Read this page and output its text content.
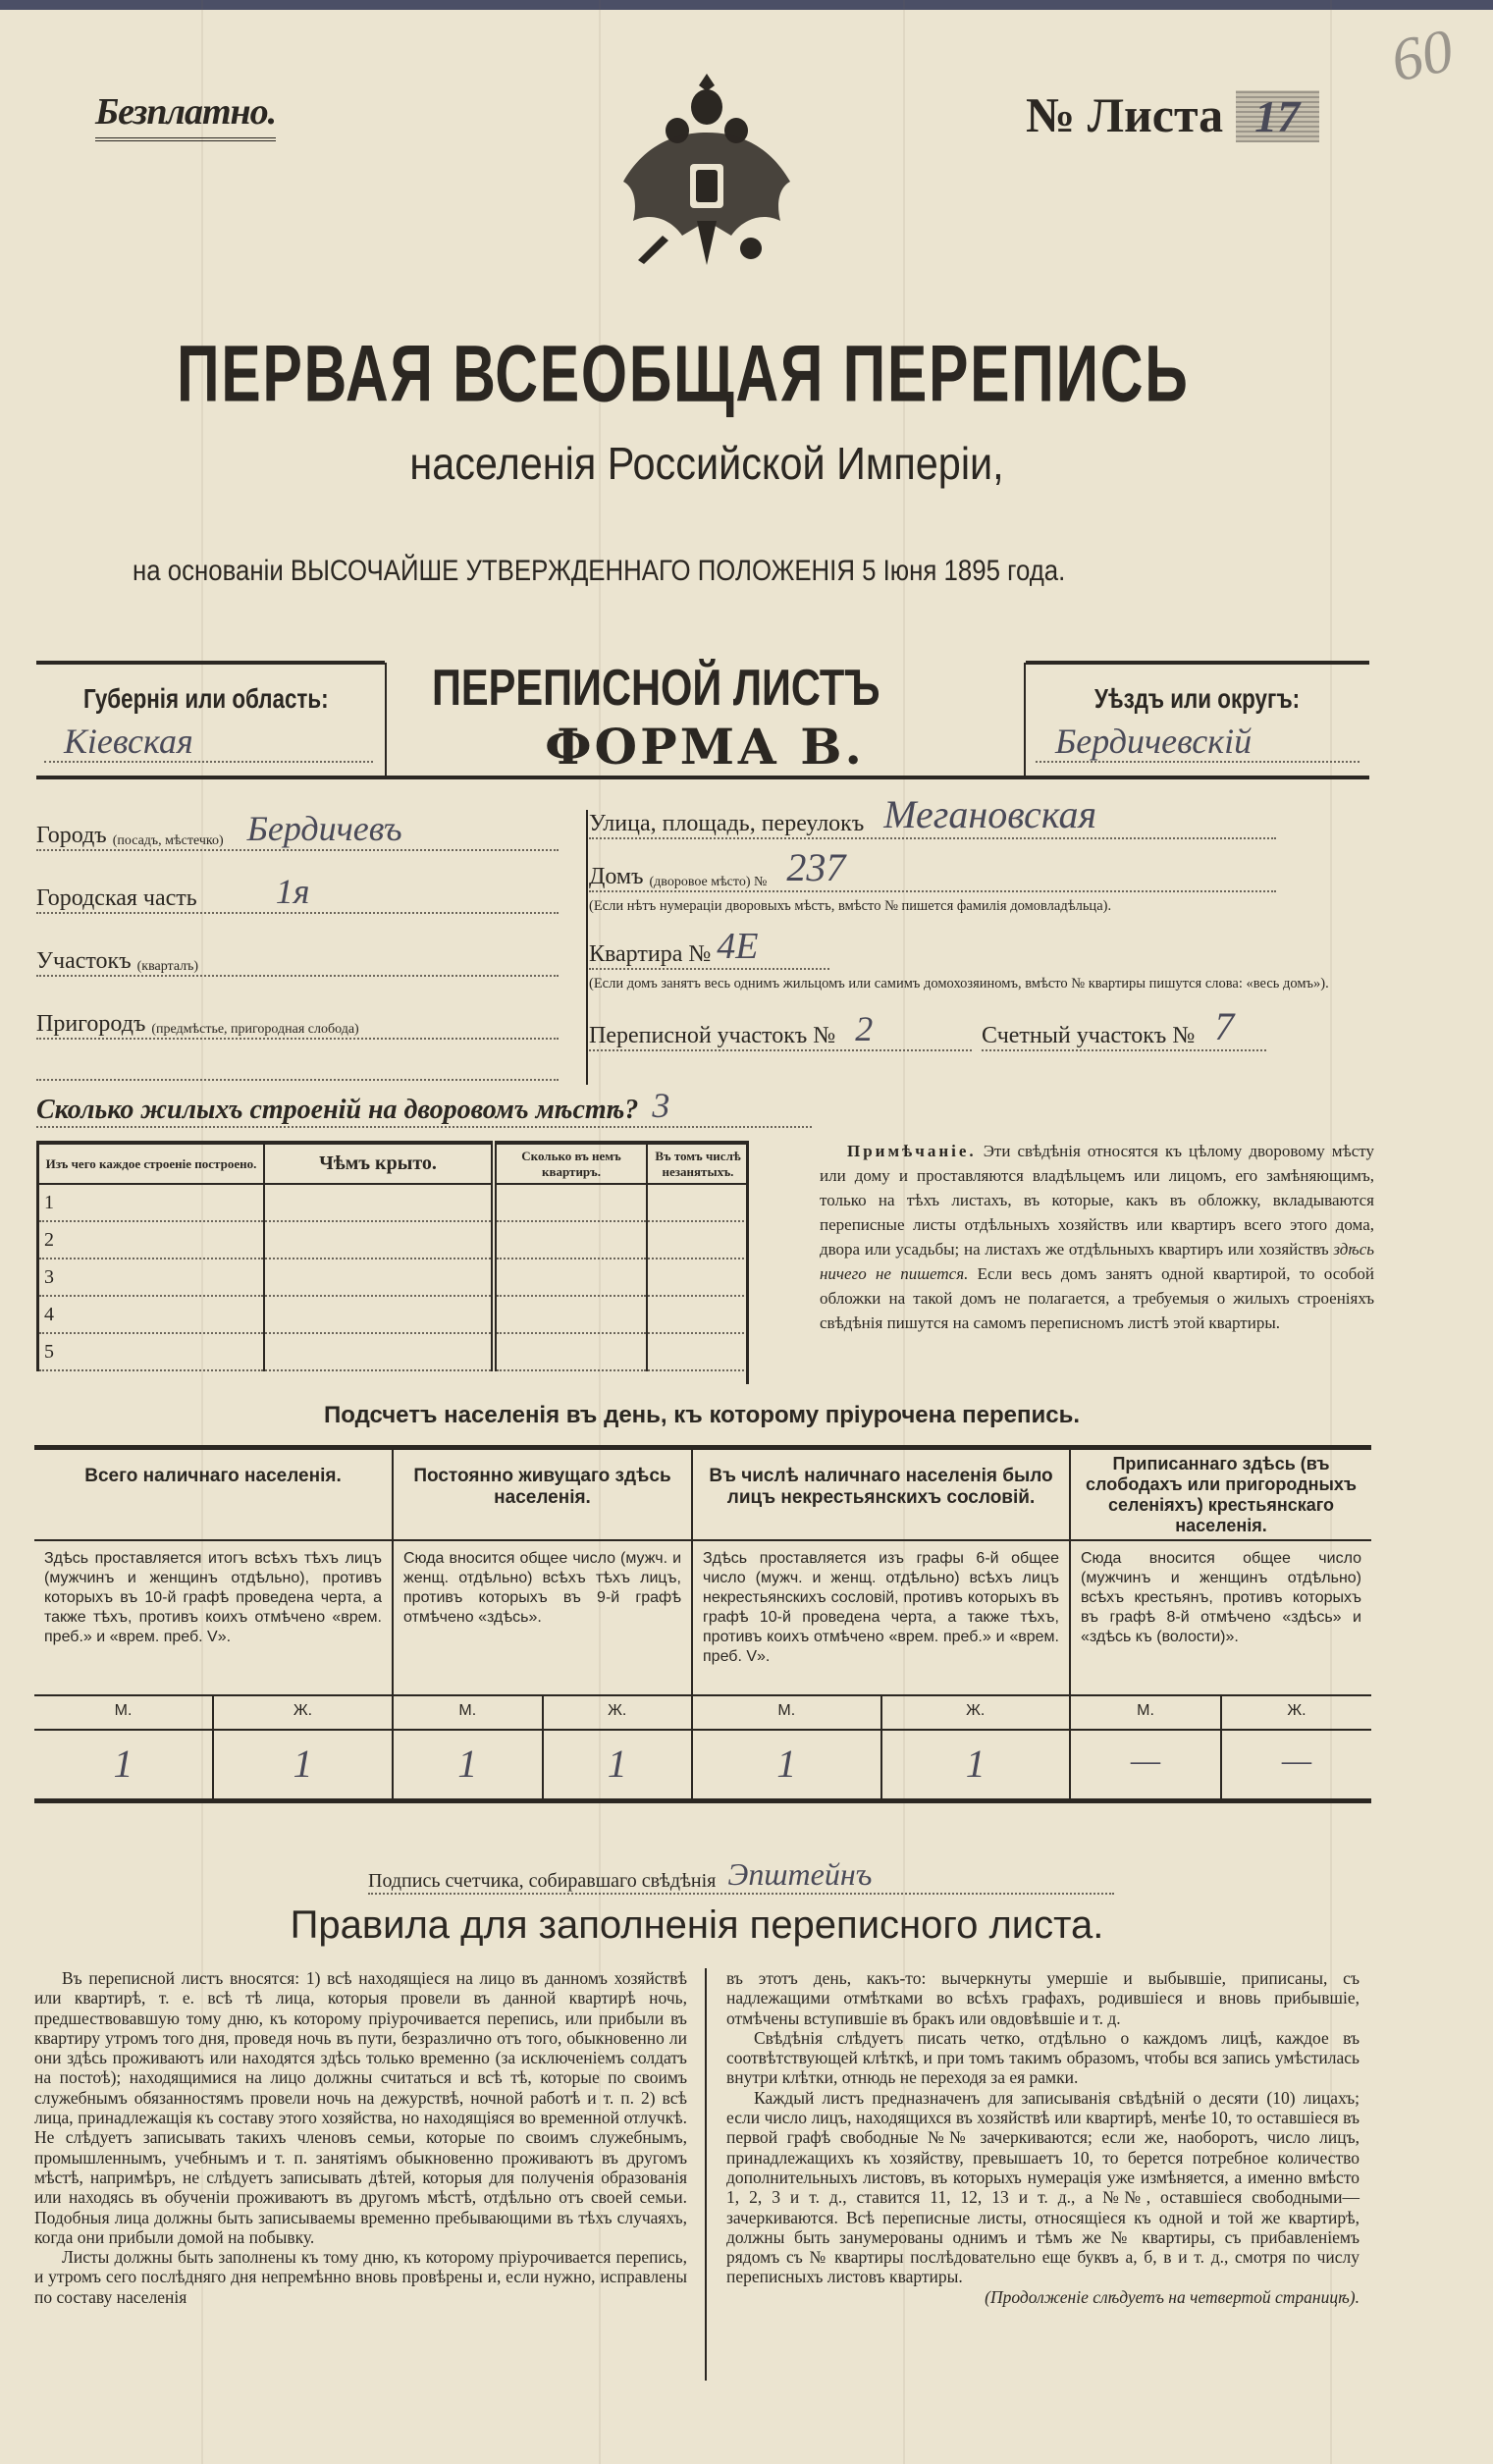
Безплатно.	№ Листа 17
60
ПЕРВАЯ ВСЕОБЩАЯ ПЕРЕПИСЬ
населенія Российской Имперіи,
на основаніи ВЫСОЧАЙШЕ УТВЕРЖДЕННАГО ПОЛОЖЕНІЯ 5 Іюня 1895 года.
Губернія или область:
Кіевская
ПЕРЕПИСНОЙ ЛИСТЪ
ФОРМА В.
Уѣздъ или округъ:
Бердичевскій
Городъ
(посадъ, мѣстечко) Бердичевъ
Городская часть 1я
Участокъ
(кварталъ)
Пригородъ
(предмѣстье, пригородная слобода)
Улица, площадь, переулокъ Мегановская
Домъ
(дворовое мѣсто) № 237
(Если нѣтъ нумераціи дворовыхъ мѣстъ, вмѣсто № пишется фамилія домовладѣльца).
Квартира № 4Е
(Если домъ занятъ весь однимъ жильцомъ или самимъ домохозяиномъ, вмѣсто № квартиры пишутся слова: «весь домъ»).
Переписной участокъ № 2	Счетный участокъ № 7
Сколько жилыхъ строеній на дворовомъ мѣстѣ? 3
Изъ чего каждое строеніе построено.	Чѣмъ крыто.	Сколько въ немъ квартиръ.	Въ томъ числѣ незанятыхъ.
1			
2			
3			
4			
5			
Примѣчаніе. Эти свѣдѣнія относятся къ цѣлому дворовому мѣсту или дому и проставляются владѣльцемъ или лицомъ, его замѣняющимъ, только на тѣхъ листахъ, въ которые, какъ въ обложку, вкладываются переписные листы отдѣльныхъ хозяйствъ или квартиръ всего этого дома, двора или усадьбы; на листахъ же отдѣльныхъ квартиръ или хозяйствъ здѣсь ничего не пишется. Если весь домъ занятъ одной квартирой, то особой обложки на такой домъ не полагается, а требуемыя о жилыхъ строеніяхъ свѣдѣнія пишутся на самомъ переписномъ листѣ этой квартиры.
Подсчетъ населенія въ день, къ которому пріурочена перепись.
Всего наличнаго населенія.	Постоянно живущаго здѣсь населенія.	Въ числѣ наличнаго населенія было лицъ некрестьянскихъ сословій.	Приписаннаго здѣсь (въ слободахъ или пригородныхъ селеніяхъ) крестьянскаго населенія.
Здѣсь проставляется итогъ всѣхъ тѣхъ лицъ (мужчинъ и женщинъ отдѣльно), противъ которыхъ въ 10-й графѣ проведена черта, а также тѣхъ, противъ коихъ отмѣчено «врем. преб.» и «врем. преб. V».	Сюда вносится общее число (мужч. и женщ. отдѣльно) всѣхъ тѣхъ лицъ, противъ которыхъ въ 9-й графѣ отмѣчено «здѣсь».	Здѣсь проставляется изъ графы 6-й общее число (мужч. и женщ. отдѣльно) всѣхъ лицъ некрестьянскихъ сословій, противъ которыхъ въ графѣ 10-й проведена черта, а также тѣхъ, противъ коихъ отмѣчено «врем. преб.» и «врем. преб. V».	Сюда вносится общее число (мужчинъ и женщинъ отдѣльно) всѣхъ крестьянъ, противъ которыхъ въ графѣ 8-й отмѣчено «здѣсь» и «здѣсь къ (волости)».

М.	Ж.
1	1

М.	Ж.
1	1

М.	Ж.
1	1

М.	Ж.
—	—
Подпись счетчика, собиравшаго свѣдѣнія Эпштейнъ
Правила для заполненія переписного листа.

Въ переписной листъ вносятся: 1) всѣ находящіеся на лицо въ данномъ хозяйствѣ или квартирѣ, т. е. всѣ тѣ лица, которыя провели въ данной квартирѣ ночь, предшествовавшую тому дню, къ которому пріурочивается перепись, или прибыли въ квартиру утромъ того дня, проведя ночь въ пути, безразлично отъ того, обыкновенно ли они здѣсь проживаютъ или находятся здѣсь только временно (за исключеніемъ солдатъ на постоѣ); находящимися на лицо должны считаться и всѣ тѣ, которые по своимъ служебнымъ обязанностямъ провели ночь на дежурствѣ, ночной работѣ и т. п. 2) всѣ лица, принадлежащія къ составу этого хозяйства, но находящіяся во временной отлучкѣ. Не слѣдуетъ записывать такихъ членовъ семьи, которые по своимъ служебнымъ, промышленнымъ, учебнымъ и т. п. занятіямъ обыкновенно проживаютъ въ другомъ мѣстѣ, напримѣръ, не слѣдуетъ записывать дѣтей, которыя для полученія образованія или находясь въ обученіи проживаютъ въ другомъ мѣстѣ, отдѣльно отъ своей семьи. Подобныя лица должны быть записываемы временно пребывающими въ тѣхъ случаяхъ, когда они прибыли домой на побывку.

Листы должны быть заполнены къ тому дню, къ которому пріурочивается перепись, и утромъ сего послѣдняго дня непремѣнно вновь провѣрены и, если нужно, исправлены по составу населенія

въ этотъ день, какъ-то: вычеркнуты умершіе и выбывшіе, приписаны, съ надлежащими отмѣтками во всѣхъ графахъ, родившіеся и вновь прибывшіе, отмѣчены вступившіе въ бракъ или овдовѣвшіе и т. д.

Свѣдѣнія слѣдуетъ писать четко, отдѣльно о каждомъ лицѣ, каждое въ соотвѣтствующей клѣткѣ, и при томъ такимъ образомъ, чтобы вся запись умѣстилась внутри клѣтки, отнюдь не переходя за ея рамки.

Каждый листъ предназначенъ для записыванія свѣдѣній о десяти (10) лицахъ; если число лицъ, находящихся въ хозяйствѣ или квартирѣ, менѣе 10, то оставшіеся въ первой графѣ свободные №№ зачеркиваются; если же, наоборотъ, число лицъ, принадлежащихъ къ хозяйству, превышаетъ 10, то берется потребное количество дополнительныхъ листовъ, въ которыхъ нумерація уже измѣняется, а именно вмѣсто 1, 2, 3 и т. д., ставится 11, 12, 13 и т. д., а №№, оставшіеся свободными—зачеркиваются. Всѣ переписные листы, относящіеся къ одной и той же квартирѣ, должны быть занумерованы однимъ и тѣмъ же № квартиры, съ прибавленіемъ рядомъ съ № квартиры послѣдовательно еще буквъ а, б, в и т. д., смотря по числу переписныхъ листовъ квартиры.

(Продолженіе слѣдуетъ на четвертой страницѣ).
